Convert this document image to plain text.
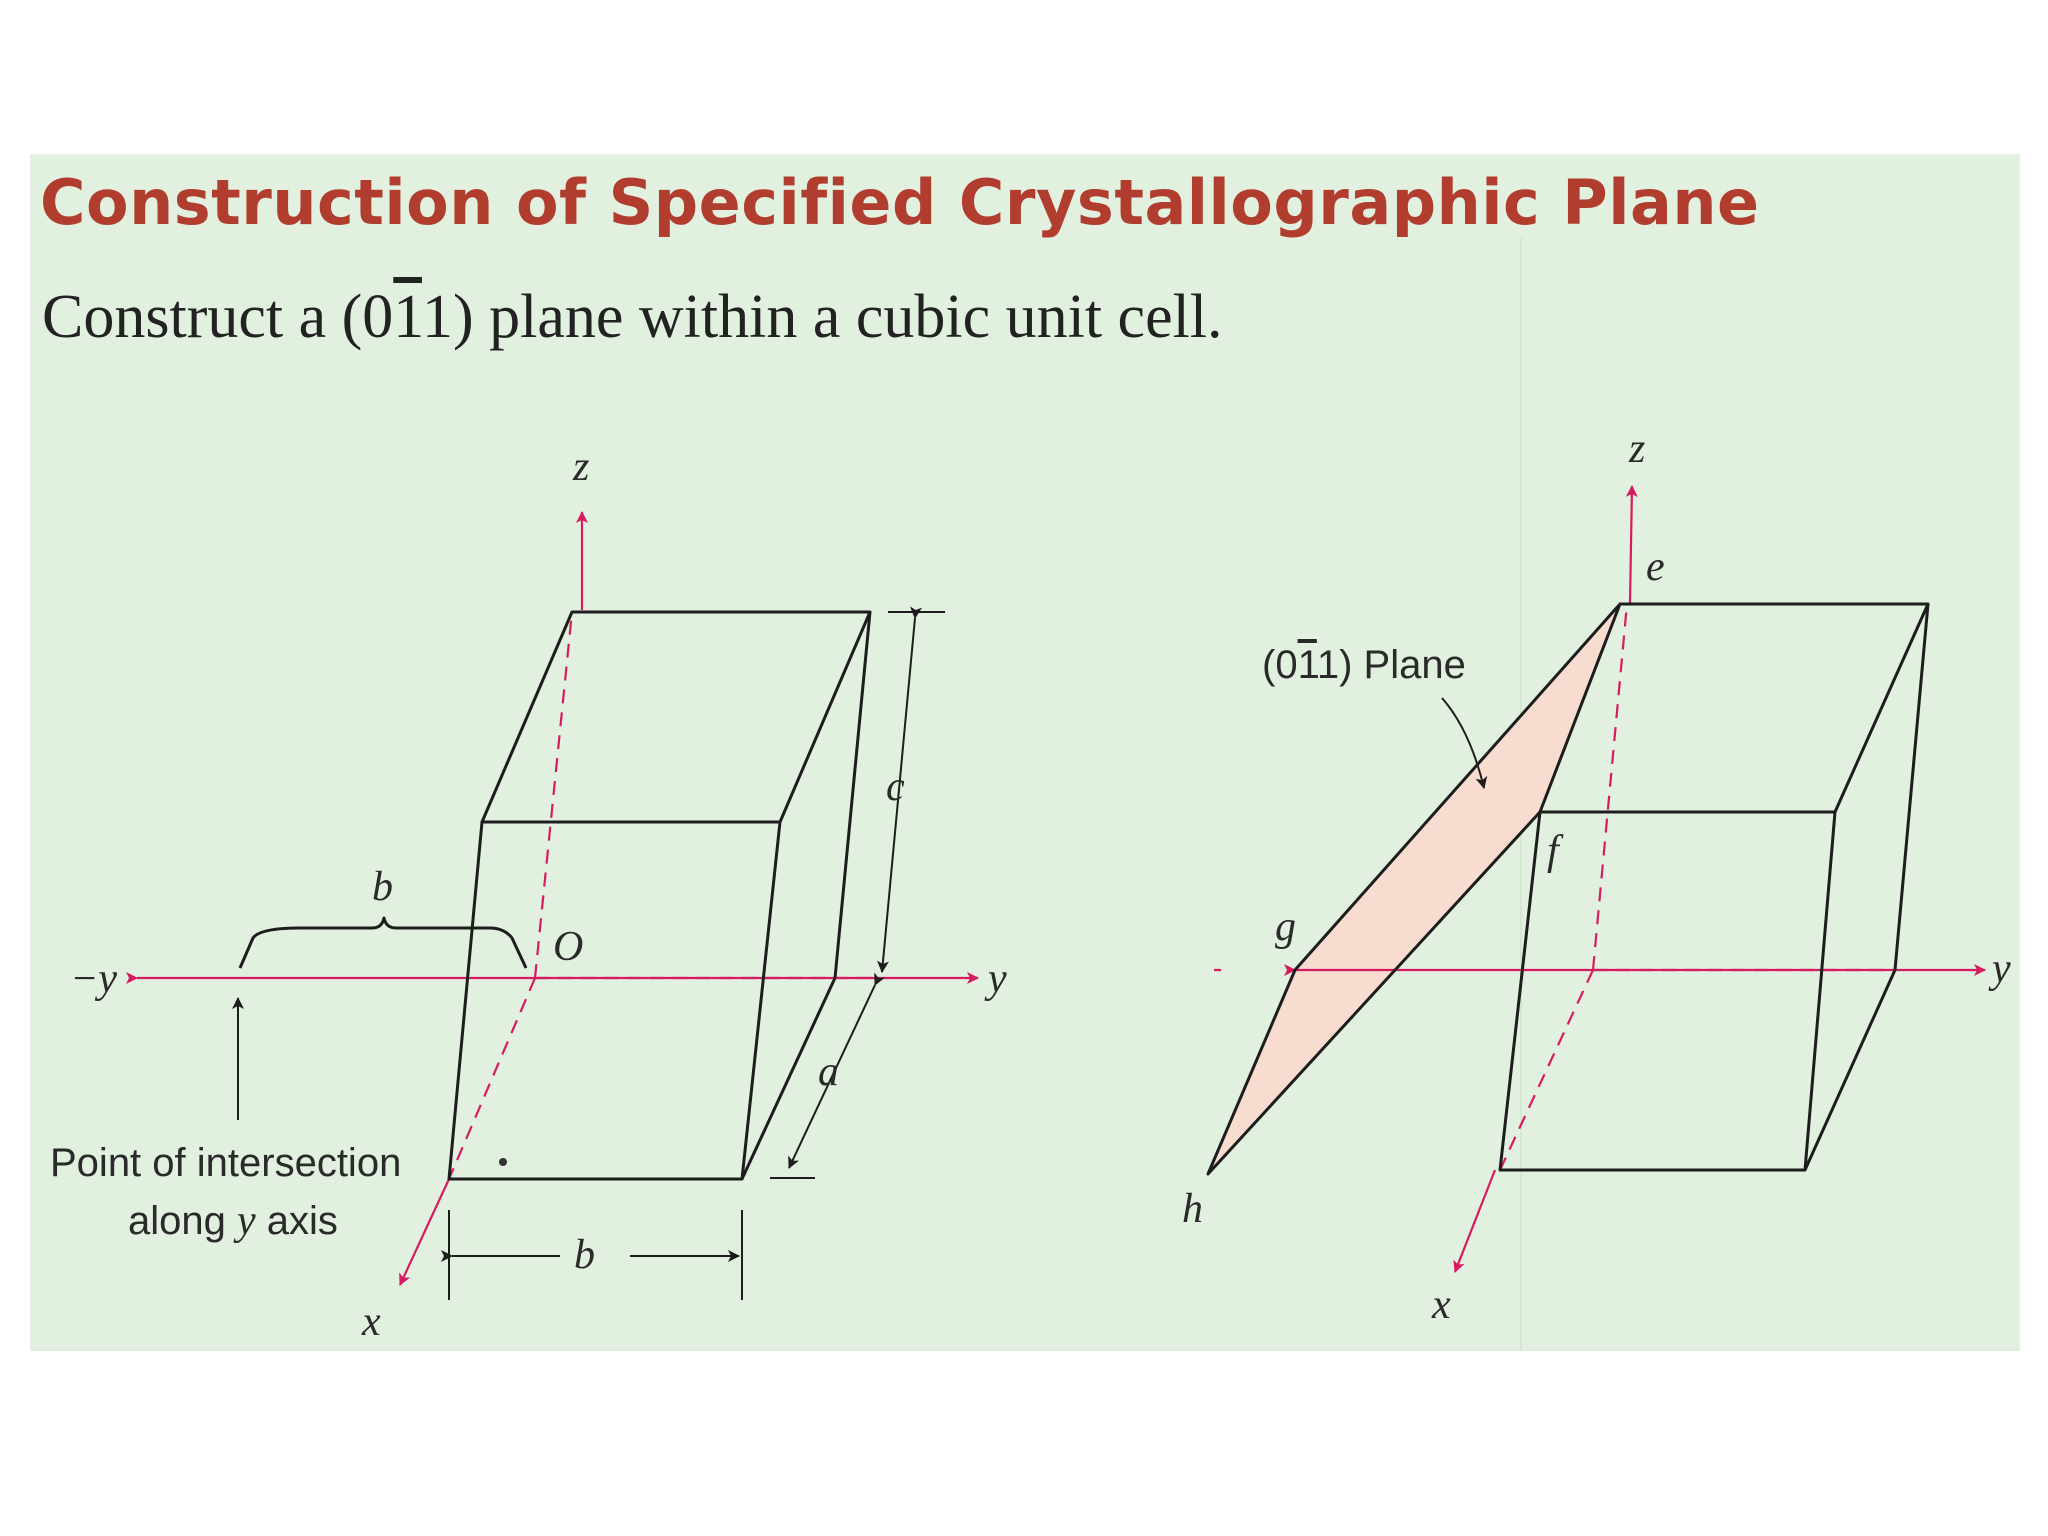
Construction of Specified Crystallographic Plane

Construct a (011) plane within a cubic unit cell.

c
a
b
b
Point of intersection
along y axis
z
y
−y
x
O
(011) Plane
e
f
g
h
z
y
x
